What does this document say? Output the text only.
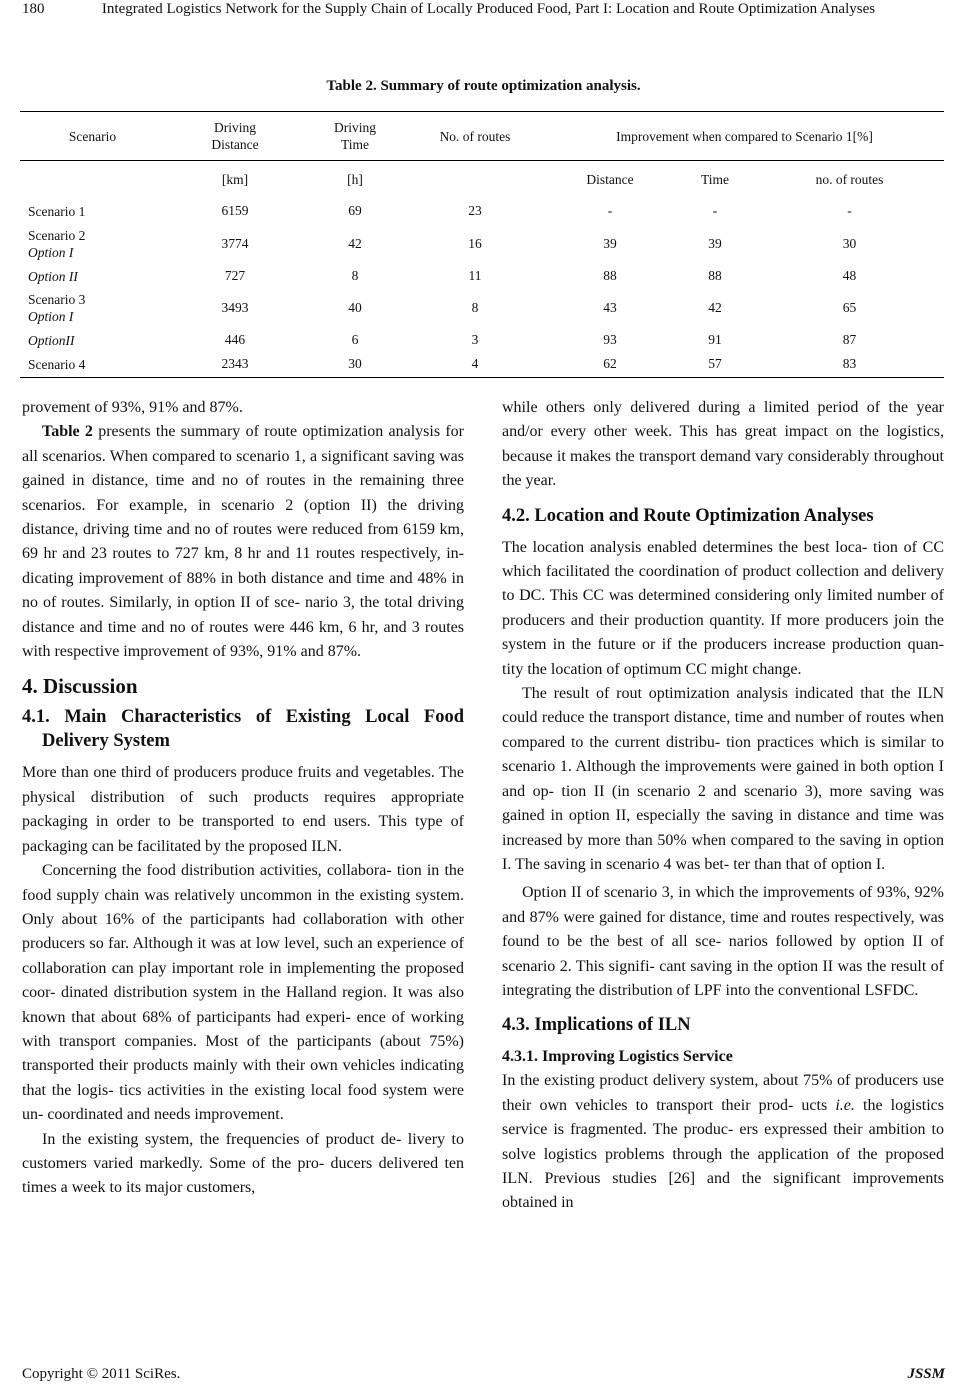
180	Integrated Logistics Network for the Supply Chain of Locally Produced Food, Part I: Location and Route Optimization Analyses
Table 2. Summary of route optimization analysis.
Scenario	Driving Distance	Driving Time	No. of routes	Improvement when compared to Scenario 1[%]		
	[km]	[h]		Distance	Time	no. of routes
Scenario 1	6159	69	23	-	-	-

Scenario 2
Option I	3774	42	16	39	39	30
Option II	727	8	11	88	88	48

Scenario 3
Option I	3493	40	8	43	42	65
OptionII	446	6	3	93	91	87
Scenario 4	2343	30	4	62	57	83

provement of 93%, 91% and 87%.

Table 2 presents the summary of route optimization analysis for all scenarios. When compared to scenario 1, a significant saving was gained in distance, time and no of routes in the remaining three scenarios. For example, in scenario 2 (option II) the driving distance, driving time and no of routes were reduced from 6159 km, 69 hr and 23 routes to 727 km, 8 hr and 11 routes respectively, in- dicating improvement of 88% in both distance and time and 48% in no of routes. Similarly, in option II of sce- nario 3, the total driving distance and time and no of routes were 446 km, 6 hr, and 3 routes with respective improvement of 93%, 91% and 87%.

4. Discussion
4.1. Main Characteristics of Existing Local Food Delivery System

More than one third of producers produce fruits and vegetables. The physical distribution of such products requires appropriate packaging in order to be transported to end users. This type of packaging can be facilitated by the proposed ILN.

Concerning the food distribution activities, collabora- tion in the food supply chain was relatively uncommon in the existing system. Only about 16% of the participants had collaboration with other producers so far. Although it was at low level, such an experience of collaboration can play important role in implementing the proposed coor- dinated distribution system in the Halland region. It was also known that about 68% of participants had experi- ence of working with transport companies. Most of the participants (about 75%) transported their products mainly with their own vehicles indicating that the logis- tics activities in the existing local food system were un- coordinated and needs improvement.

In the existing system, the frequencies of product de- livery to customers varied markedly. Some of the pro- ducers delivered ten times a week to its major customers,

while others only delivered during a limited period of the year and/or every other week. This has great impact on the logistics, because it makes the transport demand vary considerably throughout the year.

4.2. Location and Route Optimization Analyses

The location analysis enabled determines the best loca- tion of CC which facilitated the coordination of product collection and delivery to DC. This CC was determined considering only limited number of producers and their production quantity. If more producers join the system in the future or if the producers increase production quan- tity the location of optimum CC might change.

The result of rout optimization analysis indicated that the ILN could reduce the transport distance, time and number of routes when compared to the current distribu- tion practices which is similar to scenario 1. Although the improvements were gained in both option I and op- tion II (in scenario 2 and scenario 3), more saving was gained in option II, especially the saving in distance and time was increased by more than 50% when compared to the saving in option I. The saving in scenario 4 was bet- ter than that of option I.

Option II of scenario 3, in which the improvements of 93%, 92% and 87% were gained for distance, time and routes respectively, was found to be the best of all sce- narios followed by option II of scenario 2. This signifi- cant saving in the option II was the result of integrating the distribution of LPF into the conventional LSFDC.

4.3. Implications of ILN
4.3.1. Improving Logistics Service

In the existing product delivery system, about 75% of producers use their own vehicles to transport their prod- ucts i.e. the logistics service is fragmented. The produc- ers expressed their ambition to solve logistics problems through the application of the proposed ILN. Previous studies [26] and the significant improvements obtained in

Copyright © 2011 SciRes.	JSSM
